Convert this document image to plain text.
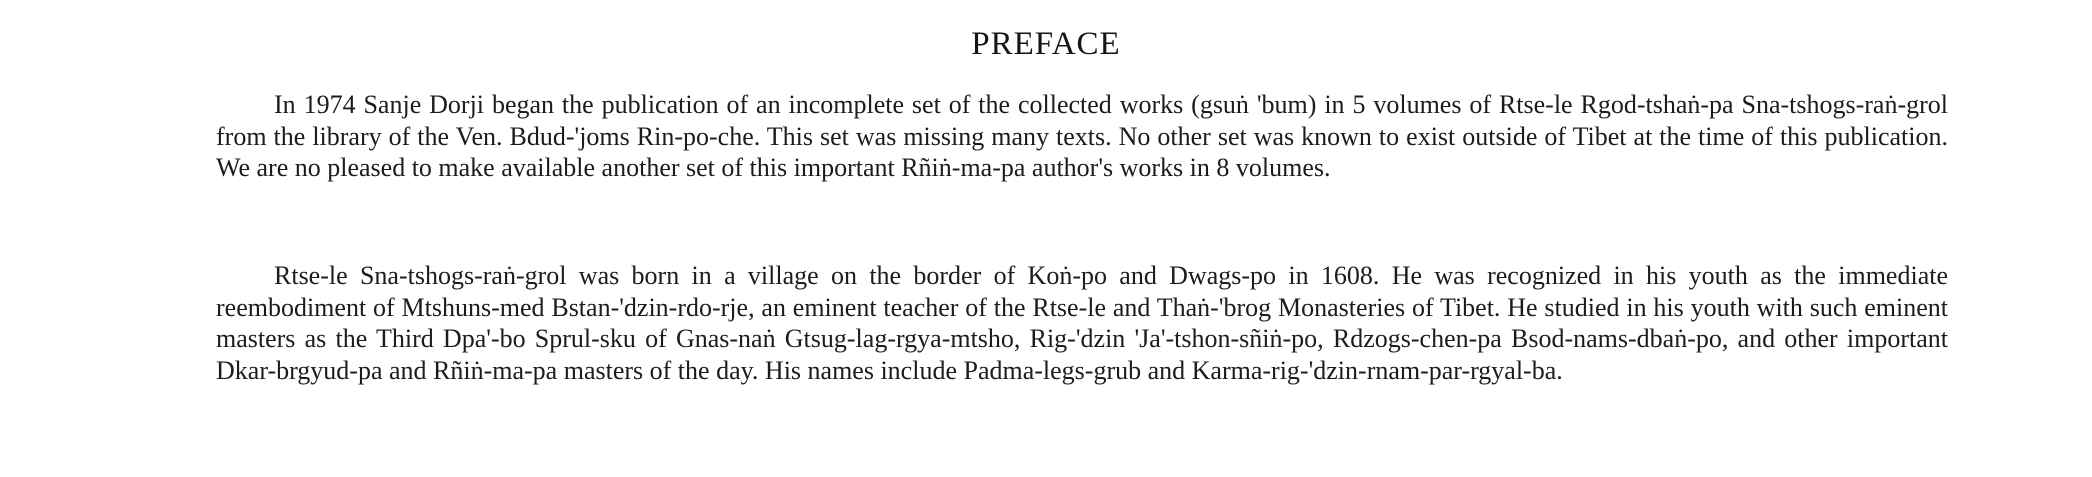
PREFACE

In 1974 Sanje Dorji began the publication of an incomplete set of the collected works (gsuṅ 'bum) in 5 volumes of Rtse-le Rgod-tshaṅ-pa Sna-tshogs-raṅ-grol from the library of the Ven. Bdud-'joms Rin-po-che. This set was missing many texts. No other set was known to exist outside of Tibet at the time of this publication. We are no pleased to make available another set of this important Rñiṅ-ma-pa author's works in 8 volumes.

Rtse-le Sna-tshogs-raṅ-grol was born in a village on the border of Koṅ-po and Dwags-po in 1608. He was recognized in his youth as the immediate reembodiment of Mtshuns-med Bstan-'dzin-rdo-rje, an eminent teacher of the Rtse-le and Thaṅ-'brog Monasteries of Tibet. He studied in his youth with such eminent masters as the Third Dpa'-bo Sprul-sku of Gnas-naṅ Gtsug-lag-rgya-mtsho, Rig-'dzin 'Ja'-tshon-sñiṅ-po, Rdzogs-chen-pa Bsod-nams-dbaṅ-po, and other important Dkar-brgyud-pa and Rñiṅ-ma-pa masters of the day. His names include Padma-legs-grub and Karma-rig-'dzin-rnam-par-rgyal-ba.
